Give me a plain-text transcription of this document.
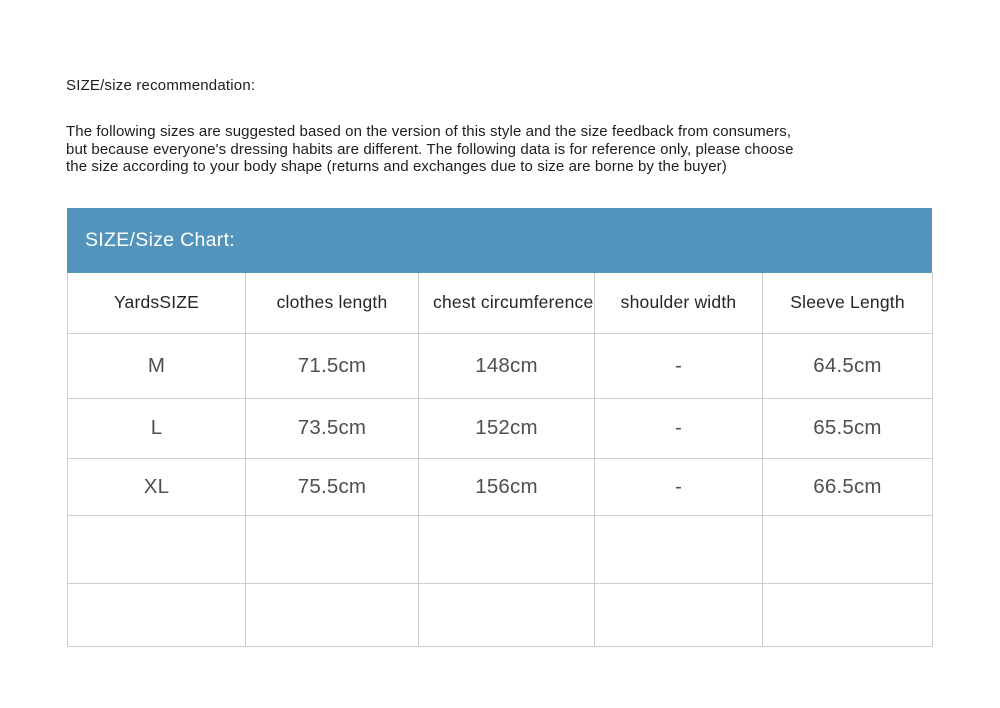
SIZE/size recommendation:
The following sizes are suggested based on the version of this style and the size feedback from consumers,
but because everyone's dressing habits are different. The following data is for reference only, please choose
the size according to your body shape (returns and exchanges due to size are borne by the buyer)
SIZE/Size Chart:
YardsSIZE	clothes length	chest circumference	shoulder width	Sleeve Length
M	71.5cm	148cm	-	64.5cm
L	73.5cm	152cm	-	65.5cm
XL	75.5cm	156cm	-	66.5cm
